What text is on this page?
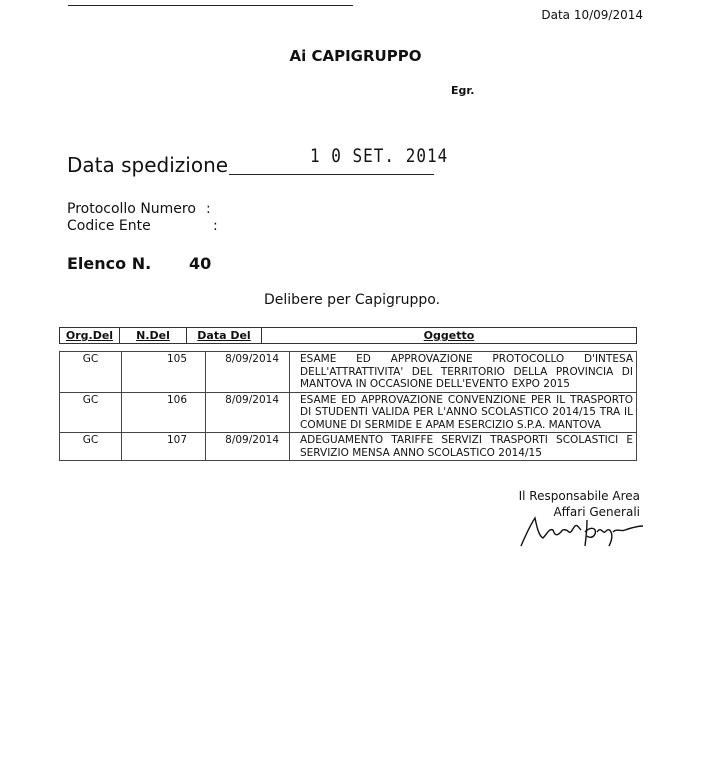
Data 10/09/2014
Ai CAPIGRUPPO
Egr.
Data spedizione	1 0 SET. 2014
Protocollo Numero :
Codice Ente	:
Elenco N. 40
Delibere per Capigruppo.
Org.Del	N.Del	Data Del	Oggetto
GC	105	8/09/2014	ESAME ED APPROVAZIONE PROTOCOLLO D'INTESA DELL'ATTRATTIVITA' DEL TERRITORIO DELLA PROVINCIA DI MANTOVA IN OCCASIONE DELL'EVENTO EXPO 2015
GC	106	8/09/2014	ESAME ED APPROVAZIONE CONVENZIONE PER IL TRASPORTO DI STUDENTI VALIDA PER L'ANNO SCOLASTICO 2014/15 TRA IL COMUNE DI SERMIDE E APAM ESERCIZIO S.P.A. MANTOVA
GC	107	8/09/2014	ADEGUAMENTO TARIFFE SERVIZI TRASPORTI SCOLASTICI E SERVIZIO MENSA ANNO SCOLASTICO 2014/15
Il Responsabile Area
Affari Generali
